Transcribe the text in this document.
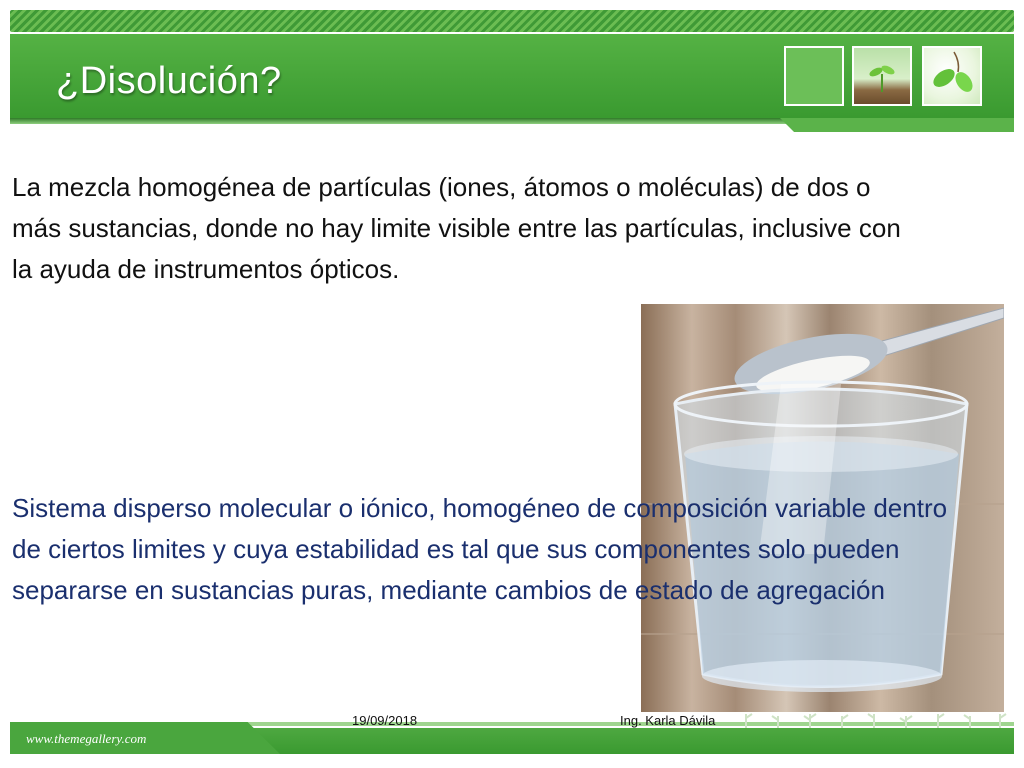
¿Disolución?

La mezcla homogénea de partículas (iones, átomos o moléculas) de dos o más sustancias, donde no hay limite visible entre las partículas, inclusive con la ayuda de instrumentos ópticos.

Sistema disperso molecular o iónico, homogéneo de composición variable dentro de ciertos limites y cuya estabilidad es tal que sus componentes solo pueden separarse en sustancias puras, mediante cambios de estado de agregación

www.themegallery.com
19/09/2018	Ing. Karla Dávila
